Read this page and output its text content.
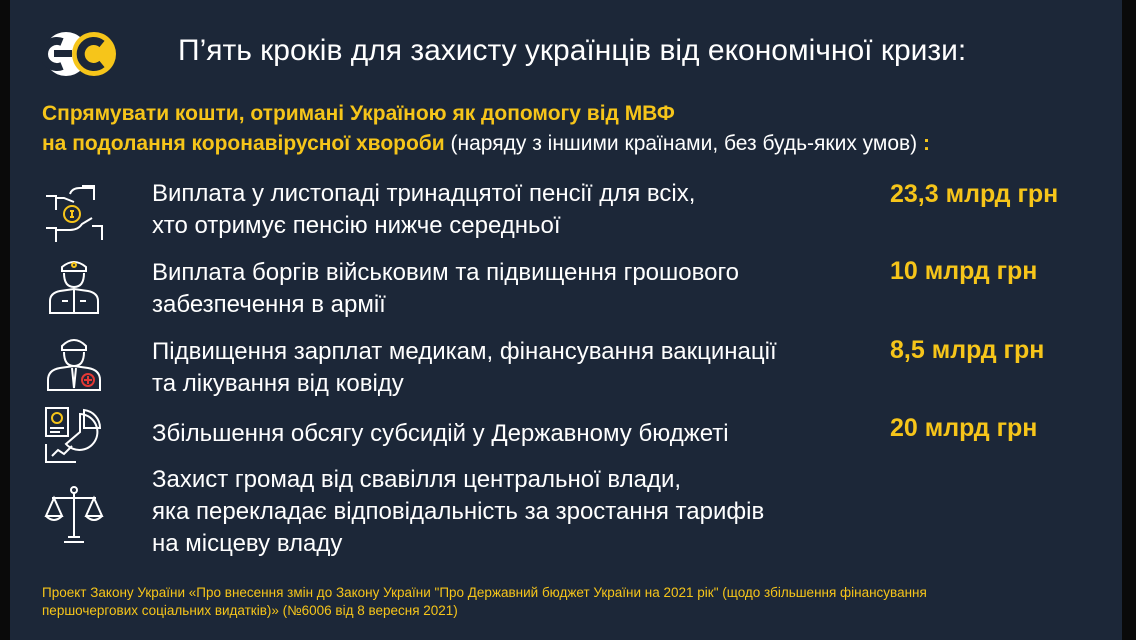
П’ять кроків для захисту українців від економічної кризи:
Спрямувати кошти, отримані Україною як допомогу від МВФ
на подолання коронавірусної хвороби (наряду з іншими країнами, без будь-яких умов) :
Виплата у листопаді тринадцятої пенсії для всіх,
хто отримує пенсію нижче середньої
23,3 млрд грн
Виплата боргів військовим та підвищення грошового
забезпечення в армії
10 млрд грн
Підвищення зарплат медикам, фінансування вакцинації
та лікування від ковіду
8,5 млрд грн
Збільшення обсягу субсидій у Державному бюджеті	20 млрд грн
Захист громад від свавілля центральної влади,
яка перекладає відповідальність за зростання тарифів
на місцеву владу
Проект Закону України «Про внесення змін до Закону України "Про Державний бюджет України на 2021 рік" (щодо збільшення фінансування
першочергових соціальних видатків)» (№6006 від 8 вересня 2021)
